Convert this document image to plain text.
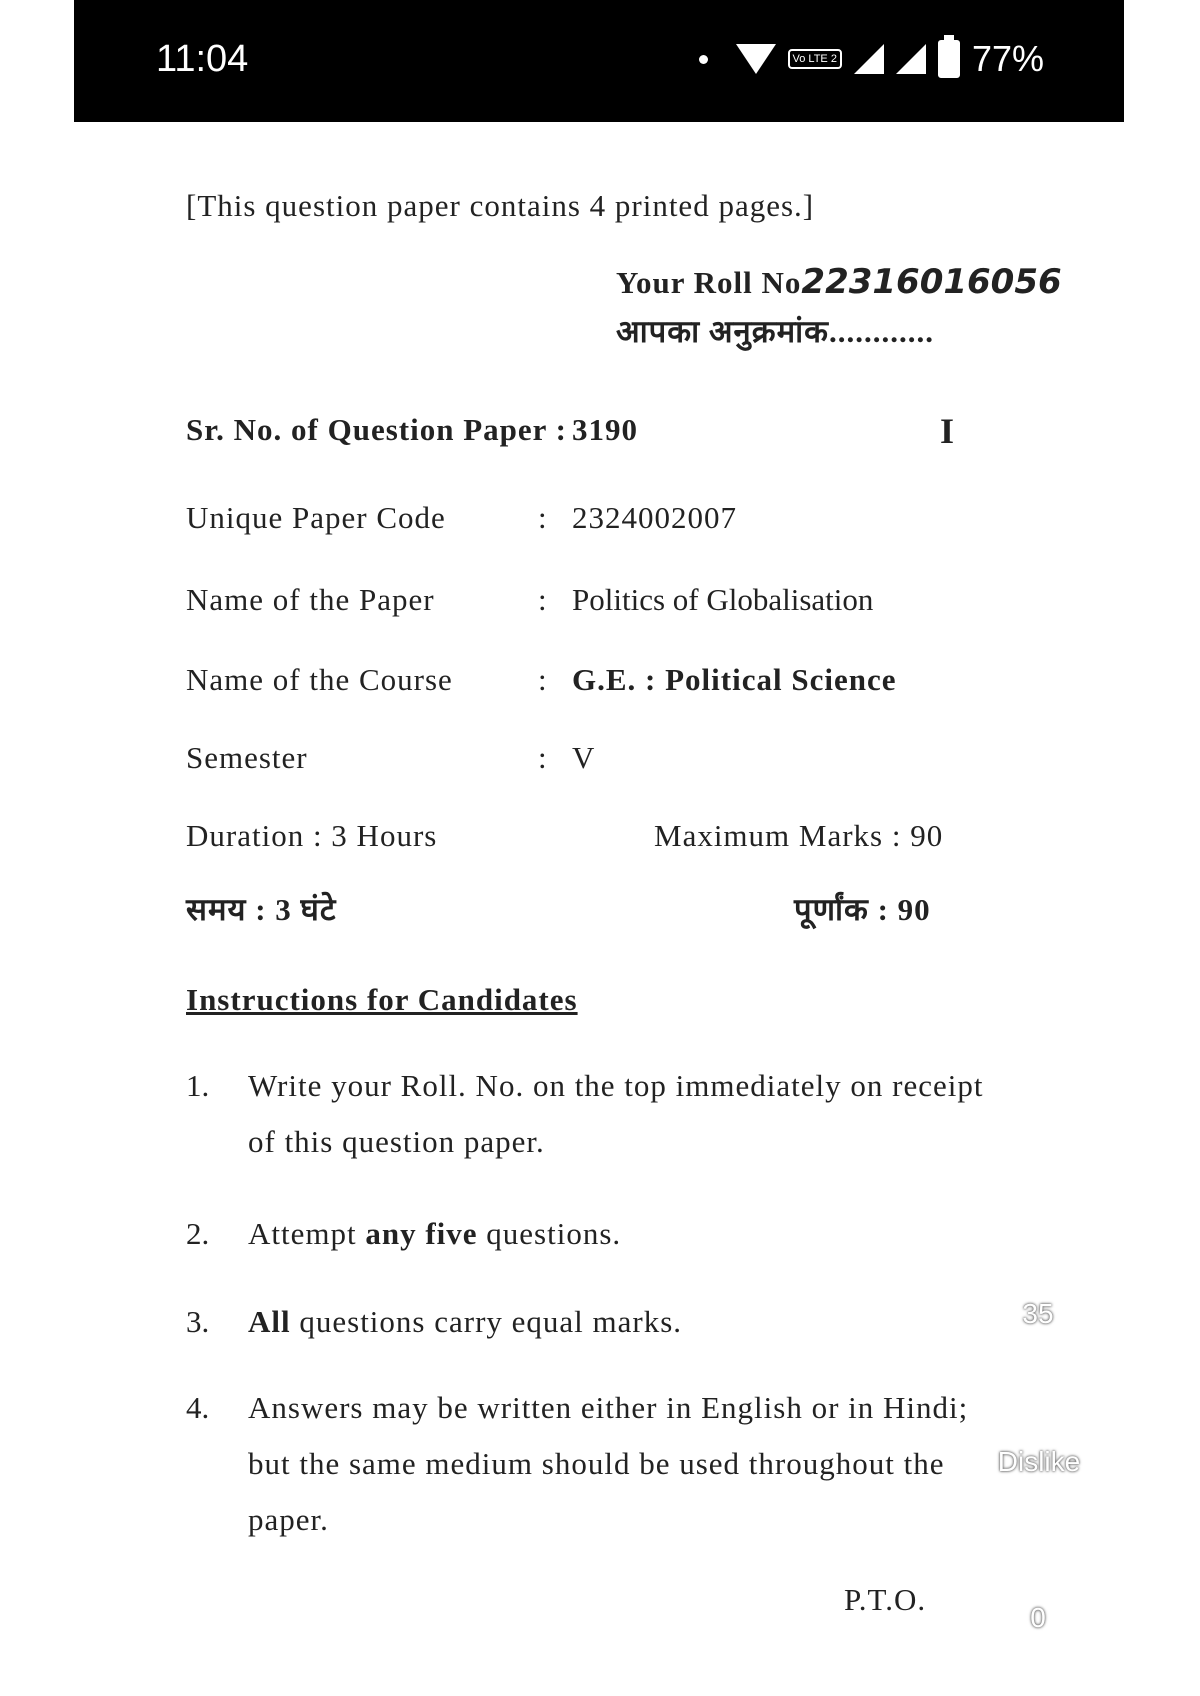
11:04	Vo LTE 2	77%
[This question paper contains 4 printed pages.]
Your Roll No22316016056
आपका अनुक्रमांक............
Sr. No. of Question Paper : 3190	I
Unique Paper Code	: 2324002007
Name of the Paper	: Politics of Globalisation
Name of the Course	: G.E. : Political Science
Semester	: V
Duration : 3 Hours	Maximum Marks : 90
समय : 3 घंटे	पूर्णांक : 90
Instructions for Candidates
1. Write your Roll. No. on the top immediately on receipt
of this question paper.
2. Attempt any five questions.
3. All questions carry equal marks.
4. Answers may be written either in English or in Hindi;
but the same medium should be used throughout the
paper.
P.T.O.
←
35
Dislike
0
